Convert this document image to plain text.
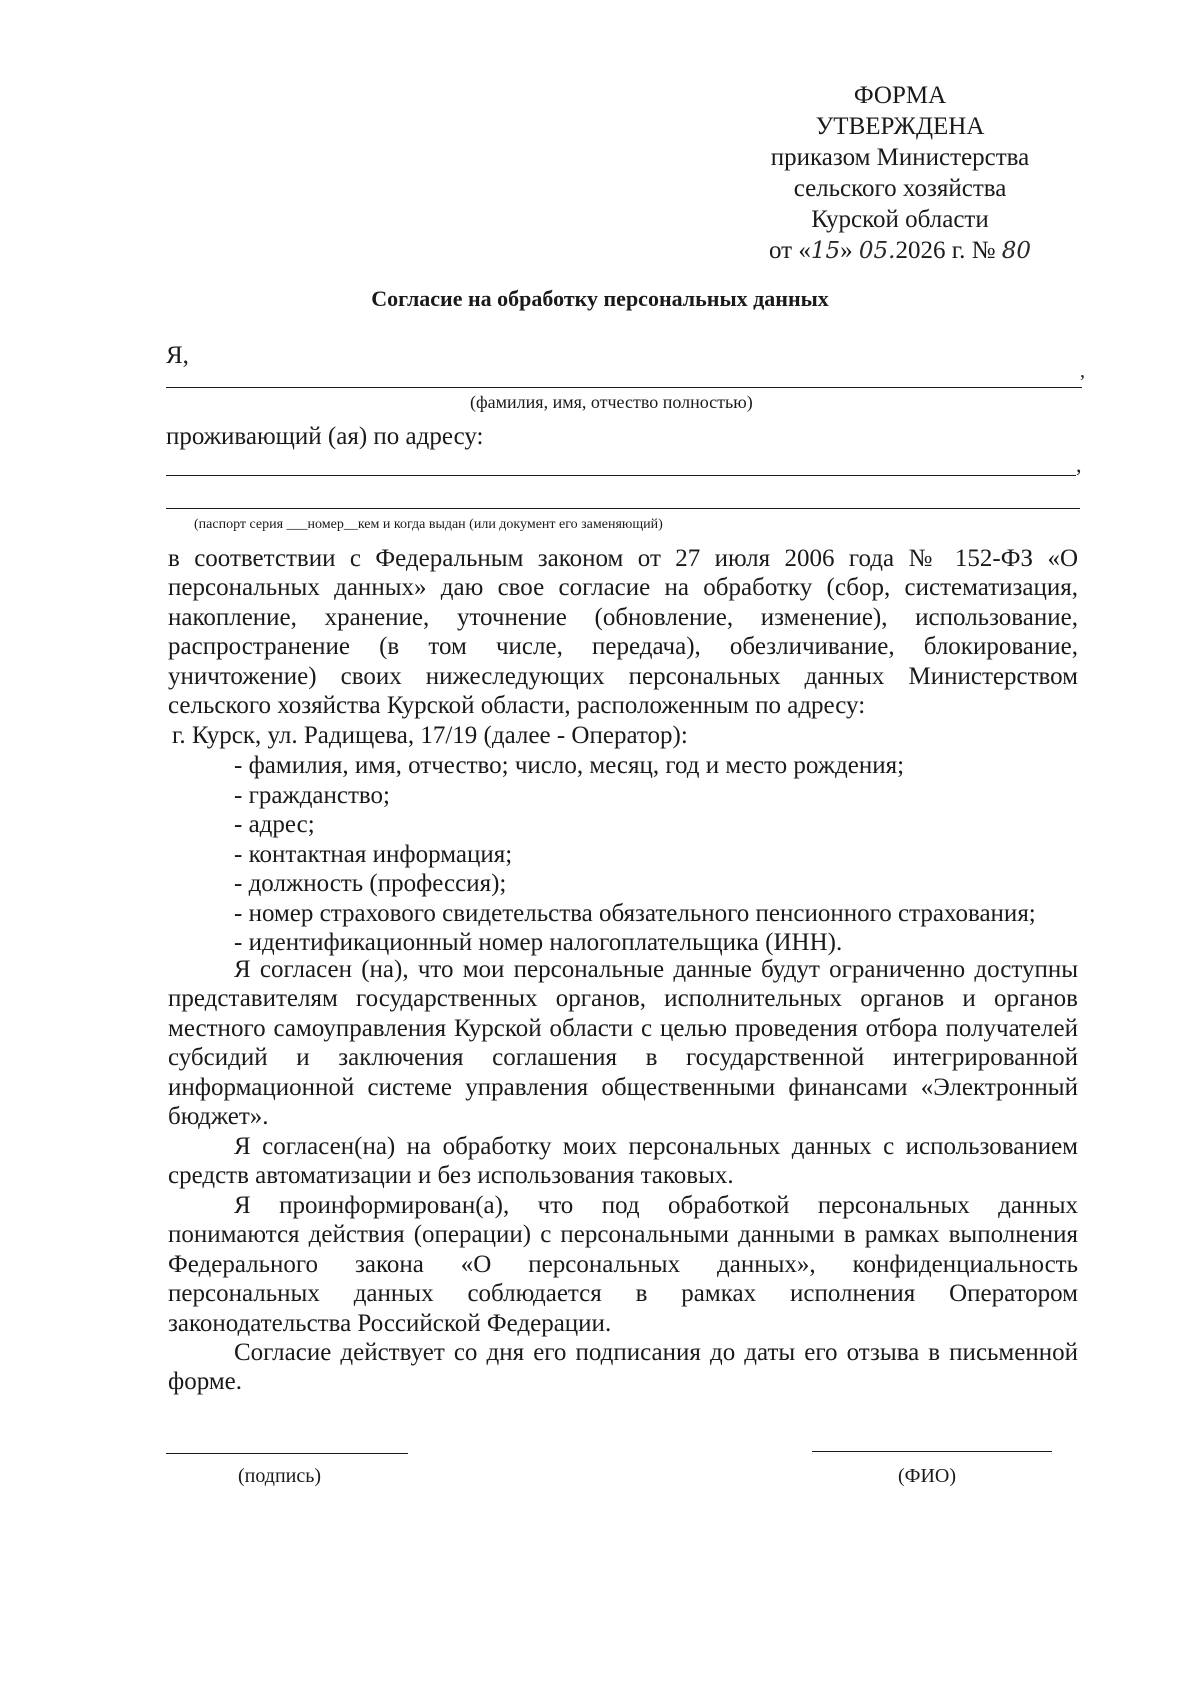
ФОРМА
УТВЕРЖДЕНА
приказом Министерства
сельского хозяйства
Курской области
от «15» 05.2026 г. № 80
Согласие на обработку персональных данных
Я,
,
(фамилия, имя, отчество полностью)
проживающий (ая) по адресу:
,
(паспорт серия ___номер__кем и когда выдан (или документ его заменяющий)
в соответствии с Федеральным законом от 27 июля 2006 года № 152-ФЗ «О персональных данных» даю свое согласие на обработку (сбор, систематизация, накопление, хранение, уточнение (обновление, изменение), использование, распространение (в том числе, передача), обезличивание, блокирование, уничтожение) своих нижеследующих персональных данных Министерством сельского хозяйства Курской области, расположенным по адресу:
г. Курск, ул. Радищева, 17/19 (далее - Оператор):
- фамилия, имя, отчество; число, месяц, год и место рождения;
- гражданство;
- адрес;
- контактная информация;
- должность (профессия);
- номер страхового свидетельства обязательного пенсионного страхования;
- идентификационный номер налогоплательщика (ИНН).
Я согласен (на), что мои персональные данные будут ограниченно доступны представителям государственных органов, исполнительных органов и органов местного самоуправления Курской области с целью проведения отбора получателей субсидий и заключения соглашения в государственной интегрированной информационной системе управления общественными финансами «Электронный бюджет».
Я согласен(на) на обработку моих персональных данных с использованием средств автоматизации и без использования таковых.
Я проинформирован(а), что под обработкой персональных данных понимаются действия (операции) с персональными данными в рамках выполнения Федерального закона «О персональных данных», конфиденциальность персональных данных соблюдается в рамках исполнения Оператором законодательства Российской Федерации.
Согласие действует со дня его подписания до даты его отзыва в письменной форме.
(подпись)	(ФИО)
